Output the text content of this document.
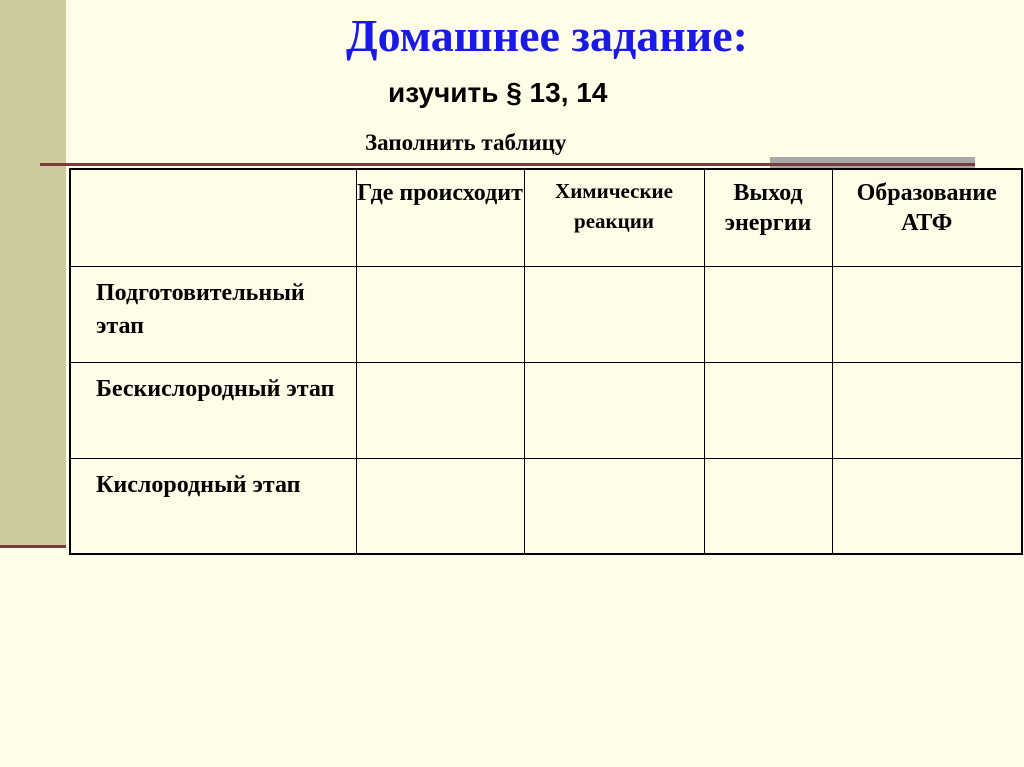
Домашнее задание:
изучить § 13, 14
Заполнить таблицу
	Где происходит	Химические реакции	Выход энергии	Образование АТФ
Подготовительный этап				
Бескислородный этап				
Кислородный этап				
